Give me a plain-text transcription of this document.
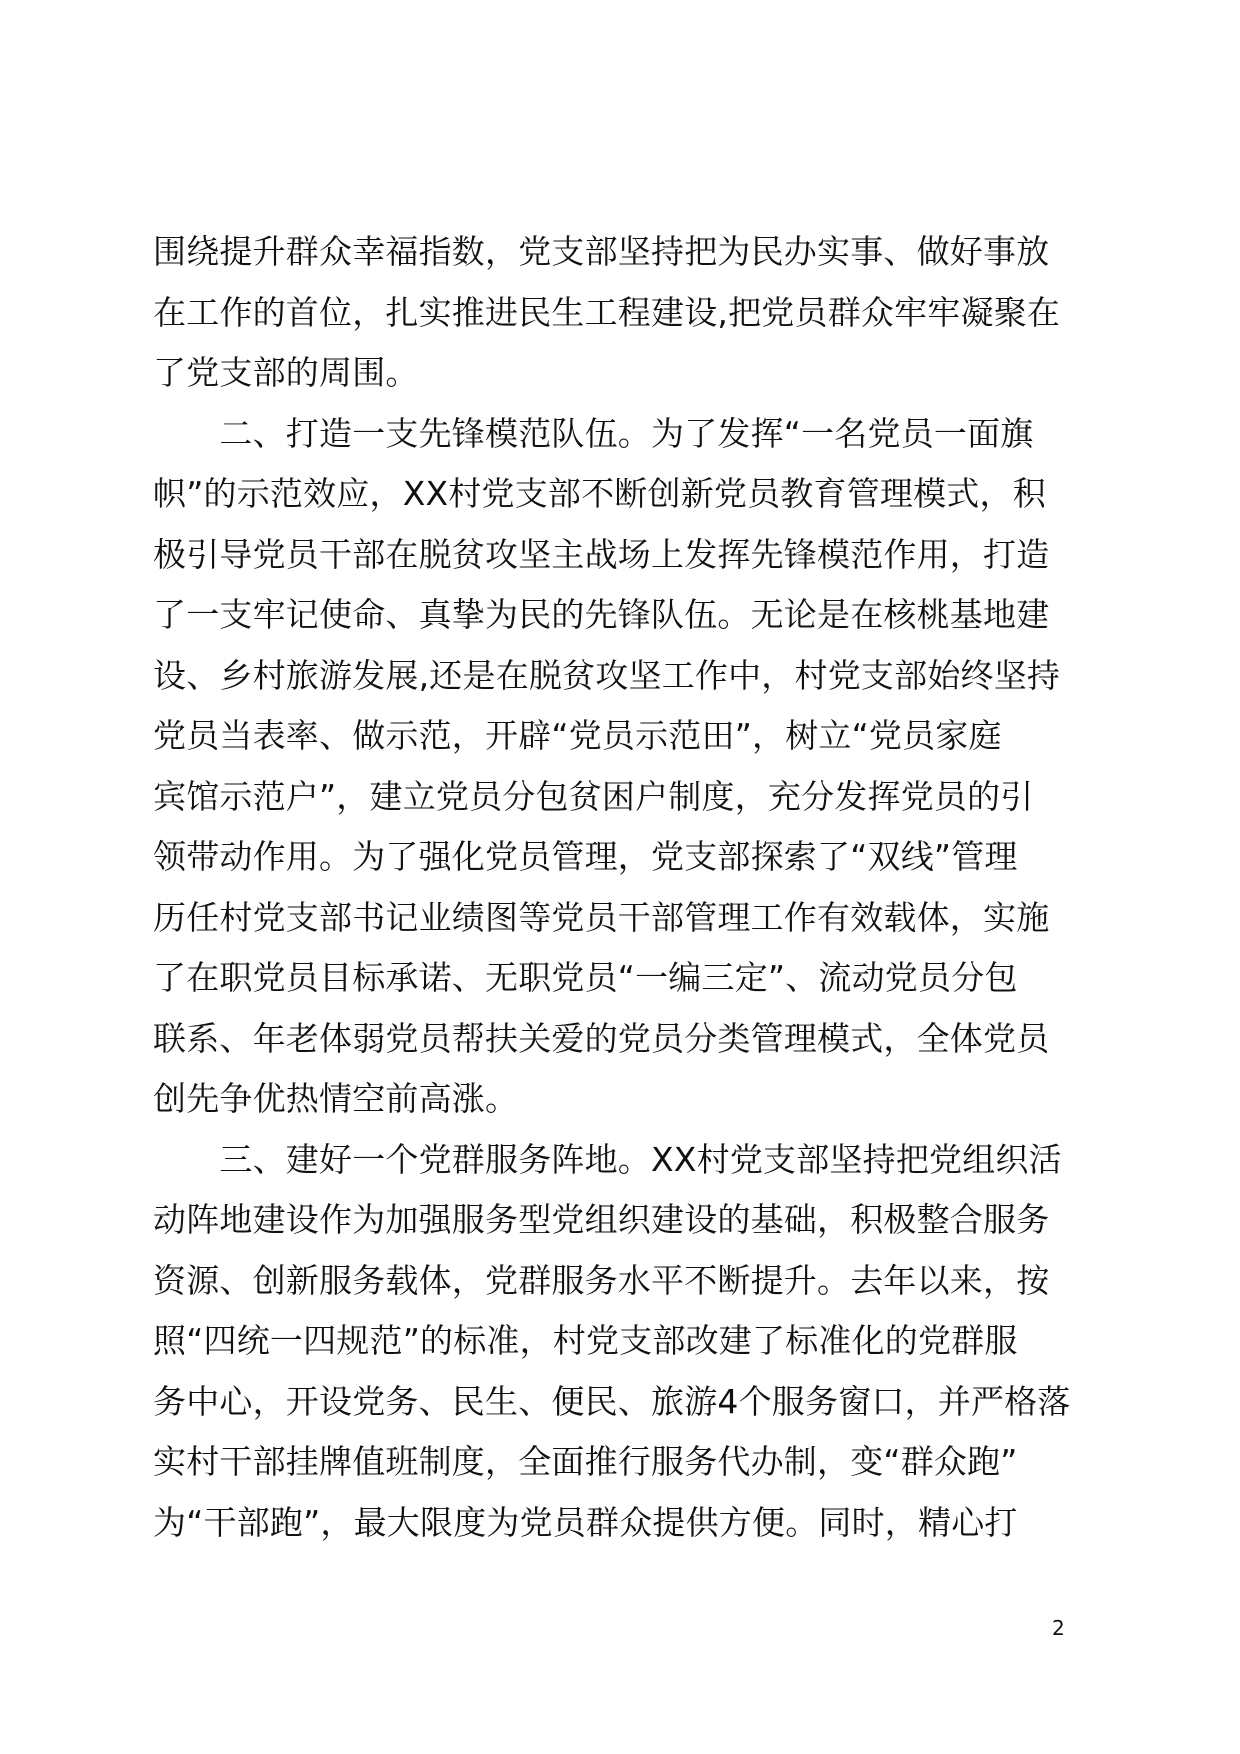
围绕提升群众幸福指数，党支部坚持把为民办实事、做好事放
在工作的首位，扎实推进民生工程建设,把党员群众牢牢凝聚在
了党支部的周围。
　　二、打造一支先锋模范队伍。为了发挥“一名党员一面旗
帜”的示范效应，XX村党支部不断创新党员教育管理模式，积
极引导党员干部在脱贫攻坚主战场上发挥先锋模范作用，打造
了一支牢记使命、真挚为民的先锋队伍。无论是在核桃基地建
设、乡村旅游发展,还是在脱贫攻坚工作中，村党支部始终坚持
党员当表率、做示范，开辟“党员示范田”，树立“党员家庭
宾馆示范户”，建立党员分包贫困户制度，充分发挥党员的引
领带动作用。为了强化党员管理，党支部探索了“双线”管理
历任村党支部书记业绩图等党员干部管理工作有效载体，实施
了在职党员目标承诺、无职党员“一编三定”、流动党员分包
联系、年老体弱党员帮扶关爱的党员分类管理模式，全体党员
创先争优热情空前高涨。
　　三、建好一个党群服务阵地。XX村党支部坚持把党组织活
动阵地建设作为加强服务型党组织建设的基础，积极整合服务
资源、创新服务载体，党群服务水平不断提升。去年以来，按
照“四统一四规范”的标准，村党支部改建了标准化的党群服
务中心，开设党务、民生、便民、旅游4个服务窗口，并严格落
实村干部挂牌值班制度，全面推行服务代办制，变“群众跑”
为“干部跑”，最大限度为党员群众提供方便。同时，精心打
2
